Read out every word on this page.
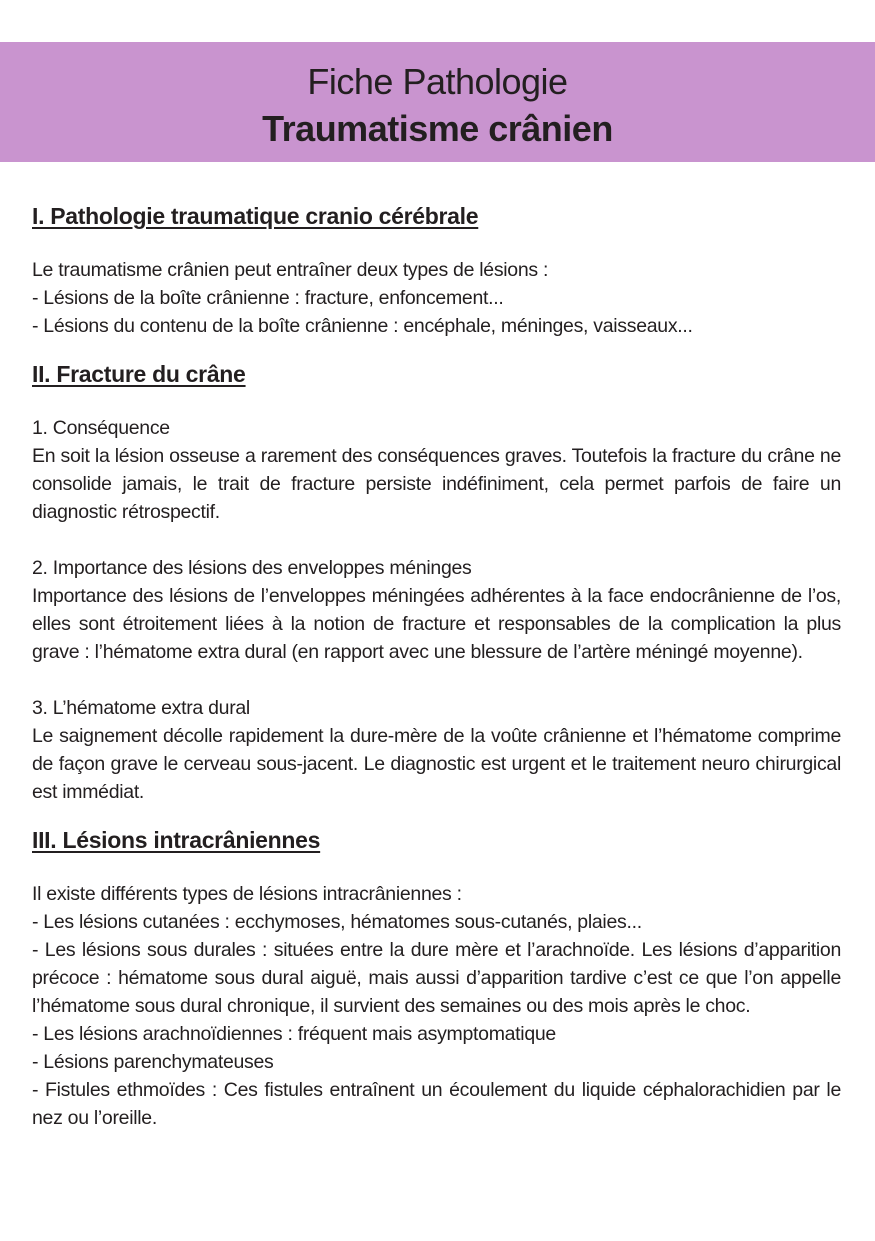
Fiche Pathologie
Traumatisme crânien
I. Pathologie traumatique cranio cérébrale

Le traumatisme crânien peut entraîner deux types de lésions :

- Lésions de la boîte crânienne : fracture, enfoncement...

- Lésions du contenu de la boîte crânienne : encéphale, méninges, vaisseaux...

II. Fracture du crâne

1. Conséquence

En soit la lésion osseuse a rarement des conséquences graves. Toutefois la fracture du crâne ne consolide jamais, le trait de fracture persiste indéfiniment, cela permet parfois de faire un diagnostic rétrospectif.

2. Importance des lésions des enveloppes méninges

Importance des lésions de l’enveloppes méningées adhérentes à la face endocrânienne de l’os, elles sont étroitement liées à la notion de fracture et responsables de la complication la plus grave : l’hématome extra dural (en rapport avec une blessure de l’artère méningé moyenne).

3. L’hématome extra dural

Le saignement décolle rapidement la dure-mère de la voûte crânienne et l’hématome comprime de façon grave le cerveau sous-jacent. Le diagnostic est urgent et le traitement neuro chirurgical est immédiat.

III. Lésions intracrâniennes

Il existe différents types de lésions intracrâniennes :

- Les lésions cutanées : ecchymoses, hématomes sous-cutanés, plaies...

- Les lésions sous durales : situées entre la dure mère et l’arachnoïde. Les lésions d’apparition précoce : hématome sous dural aiguë, mais aussi d’apparition tardive c’est ce que l’on appelle l’hématome sous dural chronique, il survient des semaines ou des mois après le choc.

- Les lésions arachnoïdiennes : fréquent mais asymptomatique

- Lésions parenchymateuses

- Fistules ethmoïdes : Ces fistules entraînent un écoulement du liquide céphalorachidien par le nez ou l’oreille.
